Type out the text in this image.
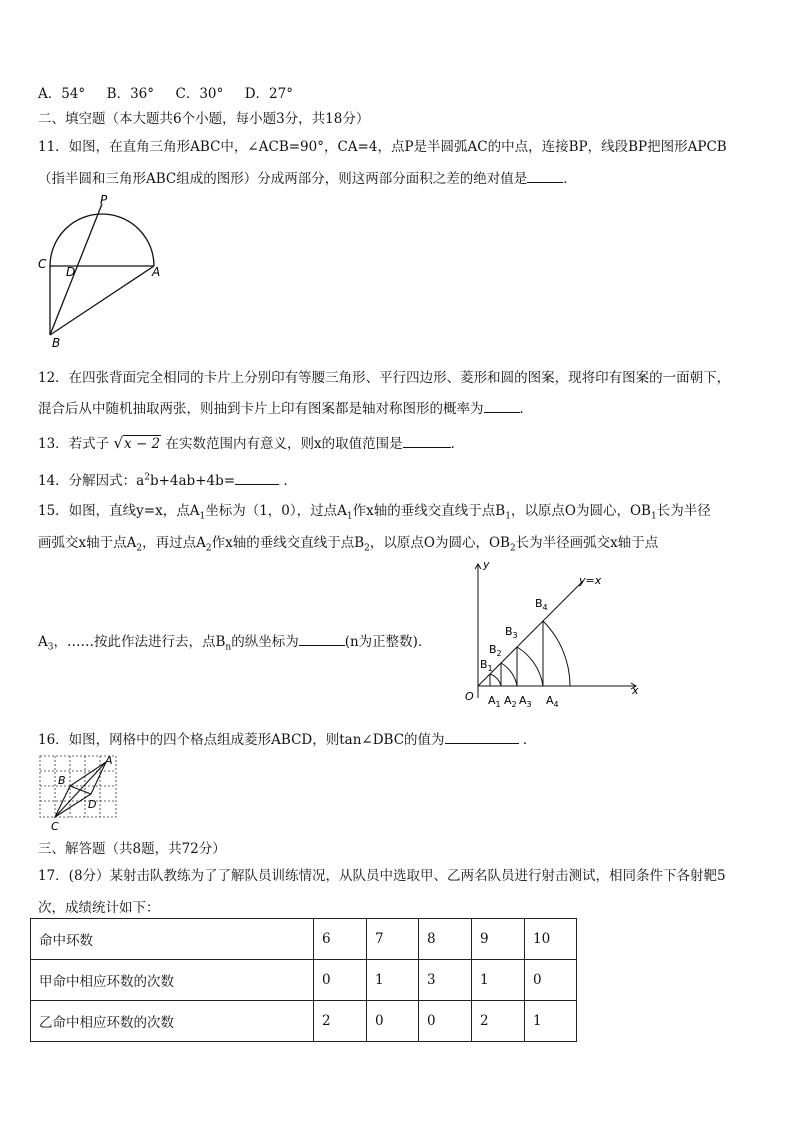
A．54° B．36° C．30° D．27°
二、填空题（本大题共6个小题，每小题3分，共18分）
11．如图，在直角三角形ABC中，∠ACB=90°，CA=4，点P是半圆弧AC的中点，连接BP，线段BP把图形APCB
（指半圆和三角形ABC组成的图形）分成两部分，则这两部分面积之差的绝对值是	．
P
C
D	A
B
12．在四张背面完全相同的卡片上分别印有等腰三角形、平行四边形、菱形和圆的图案，现将印有图案的一面朝下，
混合后从中随机抽取两张，则抽到卡片上印有图案都是轴对称图形的概率为	．
13．若式子 √x − 2 在实数范围内有意义，则x的取值范围是	．
14．分解因式：$a^2b+4ab+4b=$	．
15．如图，直线y=x，点$A_1$坐标为（1，0），过点$A_1$作x轴的垂线交直线于点$B_1$，以原点O为圆心，$OB_1$长为半径
画弧交x轴于点$A_2$，再过点$A_2$作x轴的垂线交直线于点$B_2$，以原点O为圆心，$OB_2$长为半径画弧交x轴于点
$A_3$，……按此作法进行去，点$B_n$的纵坐标为	(n为正整数)．
y
x
O
y=x
$B_1$
$B_2$
$B_3$
$B_4$
$A_1$ $A_2$ $A_3$ $A_4$
16．如图，网格中的四个格点组成菱形ABCD，则tan∠DBC的值为	．
A
B
D
C
三、解答题（共8题，共72分）
17．(8分）某射击队教练为了了解队员训练情况，从队员中选取甲、乙两名队员进行射击测试，相同条件下各射靶5
次，成绩统计如下：
命中环数	6	7	8	9	10
甲命中相应环数的次数	0	1	3	1	0
乙命中相应环数的次数	2	0	0	2	1
